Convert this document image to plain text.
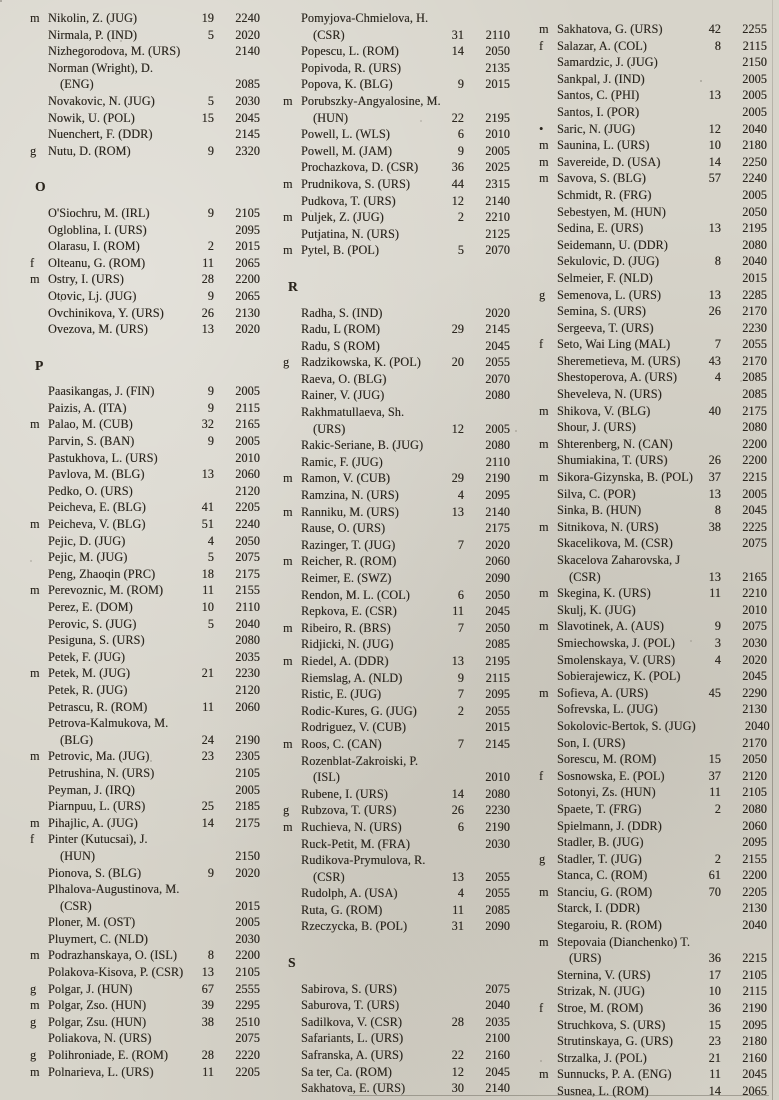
m Nikolin, Z. (JUG)	19	2240
Nirmala, P. (IND)	5	2020
Nizhegorodova, M. (URS)	2140
Norman (Wright), D.
(ENG)	2085
Novakovic, N. (JUG)	5	2030
Nowik, U. (POL)	15	2045
Nuenchert, F. (DDR)	2145
g Nutu, D. (ROM)	9	2320
O
O'Siochru, M. (IRL)	9	2105
Ogloblina, I. (URS)	2095
Olarasu, I. (ROM)	2	2015
f	Olteanu, G. (ROM)	11	2065
m Ostry, I. (URS)	28	2200
Otovic, Lj. (JUG)	9	2065
Ovchinikova, Y. (URS)	26	2130
Ovezova, M. (URS)	13	2020
P
Paasikangas, J. (FIN)	9	2005
Paizis, A. (ITA)	9	2115
m Palao, M. (CUB)	32	2165
Parvin, S. (BAN)	9	2005
Pastukhova, L. (URS)	2010
Pavlova, M. (BLG)	13	2060
Pedko, O. (URS)	2120
Peicheva, E. (BLG)	41	2205
m Peicheva, V. (BLG)	51	2240
Pejic, D. (JUG)	4	2050
Pejic, M. (JUG)	5	2075
Peng, Zhaoqin (PRC)	18	2175
m Perevoznic, M. (ROM)	11	2155
Perez, E. (DOM)	10	2110
Perovic, S. (JUG)	5	2040
Pesiguna, S. (URS)	2080
Petek, F. (JUG)	2035
m Petek, M. (JUG)	21	2230
Petek, R. (JUG)	2120
Petrascu, R. (ROM)	11	2060
Petrova-Kalmukova, M.
(BLG)	24	2190
m Petrovic, Ma. (JUG)	23	2305
Petrushina, N. (URS)	2105
Peyman, J. (IRQ)	2005
Piarnpuu, L. (URS)	25	2185
m Pihajlic, A. (JUG)	14	2175
f	Pinter (Kutucsai), J.
(HUN)	2150
Pionova, S. (BLG)	9	2020
Plhalova-Augustinova, M.
(CSR)	2015
Ploner, M. (OST)	2005
Pluymert, C. (NLD)	2030
m Podrazhanskaya, O. (ISL)	8	2200
Polakova-Kisova, P. (CSR)	13	2105
g Polgar, J. (HUN)	67	2555
m Polgar, Zso. (HUN)	39	2295
g Polgar, Zsu. (HUN)	38	2510
Poliakova, N. (URS)	2075
g Polihroniade, E. (ROM)	28	2220
m Polnarieva, L. (URS)	11	2205
Pomyjova-Chmielova, H.
(CSR)	31	2110
Popescu, L. (ROM)	14	2050
Popivoda, R. (URS)	2135
Popova, K. (BLG)	9	2015
m Porubszky-Angyalosine, M.
(HUN)	22	2195
Powell, L. (WLS)	6	2010
Powell, M. (JAM)	9	2005
Prochazkova, D. (CSR)	36	2025
m Prudnikova, S. (URS)	44	2315
Pudkova, T. (URS)	12	2140
m Puljek, Z. (JUG)	2	2210
Putjatina, N. (URS)	2125
m Pytel, B. (POL)	5	2070
R
Radha, S. (IND)	2020
Radu, L (ROM)	29	2145
Radu, S (ROM)	2045
g Radzikowska, K. (POL)	20	2055
Raeva, O. (BLG)	2070
Rainer, V. (JUG)	2080
Rakhmatullaeva, Sh.
(URS)	12	2005
Rakic-Seriane, B. (JUG)	2080
Ramic, F. (JUG)	2110
m Ramon, V. (CUB)	29	2190
Ramzina, N. (URS)	4	2095
m Ranniku, M. (URS)	13	2140
Rause, O. (URS)	2175
Razinger, T. (JUG)	7	2020
m Reicher, R. (ROM)	2060
Reimer, E. (SWZ)	2090
Rendon, M. L. (COL)	6	2050
Repkova, E. (CSR)	11	2045
m Ribeiro, R. (BRS)	7	2050
Ridjicki, N. (JUG)	2085
m Riedel, A. (DDR)	13	2195
Riemslag, A. (NLD)	9	2115
Ristic, E. (JUG)	7	2095
Rodic-Kures, G. (JUG)	2	2055
Rodriguez, V. (CUB)	2015
m Roos, C. (CAN)	7	2145
Rozenblat-Zakroiski, P.
(ISL)	2010
Rubene, I. (URS)	14	2080
g Rubzova, T. (URS)	26	2230
m Ruchieva, N. (URS)	6	2190
Ruck-Petit, M. (FRA)	2030
Rudikova-Prymulova, R.
(CSR)	13	2055
Rudolph, A. (USA)	4	2055
Ruta, G. (ROM)	11	2085
Rzeczycka, B. (POL)	31	2090
S
Sabirova, S. (URS)	2075
Saburova, T. (URS)	2040
Sadilkova, V. (CSR)	28	2035
Safariants, L. (URS)	2100
Safranska, A. (URS)	22	2160
Sa ter, Ca. (ROM)	12	2045
Sakhatova, E. (URS)	30	2140
m Sakhatova, G. (URS)	42	2255
f	Salazar, A. (COL)	8	2115
Samardzic, J. (JUG)	2150
Sankpal, J. (IND)	2005
Santos, C. (PHI)	13	2005
Santos, I. (POR)	2005
•	Saric, N. (JUG)	12	2040
m Saunina, L. (URS)	10	2180
m Savereide, D. (USA)	14	2250
m Savova, S. (BLG)	57	2240
Schmidt, R. (FRG)	2005
Sebestyen, M. (HUN)	2050
Sedina, E. (URS)	13	2195
Seidemann, U. (DDR)	2080
Sekulovic, D. (JUG)	8	2040
Selmeier, F. (NLD)	2015
g Semenova, L. (URS)	13	2285
Semina, S. (URS)	26	2170
Sergeeva, T. (URS)	2230
f	Seto, Wai Ling (MAL)	7	2055
Sheremetieva, M. (URS)	43	2170
Shestoperova, A. (URS)	4	2085
Sheveleva, N. (URS)	2085
m Shikova, V. (BLG)	40	2175
Shour, J. (URS)	2080
m Shterenberg, N. (CAN)	2200
Shumiakina, T. (URS)	26	2200
m Sikora-Gizynska, B. (POL)	37	2215
Silva, C. (POR)	13	2005
Sinka, B. (HUN)	8	2045
m Sitnikova, N. (URS)	38	2225
Skacelikova, M. (CSR)	2075
Skacelova Zaharovska, J
(CSR)	13	2165
m Skegina, K. (URS)	11	2210
Skulj, K. (JUG)	2010
m Slavotinek, A. (AUS)	9	2075
Smiechowska, J. (POL)	3	2030
Smolenskaya, V. (URS)	4	2020
Sobierajewicz, K. (POL)	2045
m Sofieva, A. (URS)	45	2290
Sofrevska, L. (JUG)	2130
Sokolovic-Bertok, S. (JUG)	2040
Son, I. (URS)	2170
Sorescu, M. (ROM)	15	2050
f	Sosnowska, E. (POL)	37	2120
Sotonyi, Zs. (HUN)	11	2105
Spaete, T. (FRG)	2	2080
Spielmann, J. (DDR)	2060
Stadler, B. (JUG)	2095
g Stadler, T. (JUG)	2	2155
Stanca, C. (ROM)	61	2200
m Stanciu, G. (ROM)	70	2205
Starck, I. (DDR)	2130
Stegaroiu, R. (ROM)	2040
m Stepovaia (Dianchenko) T.
(URS)	36	2215
Sternina, V. (URS)	17	2105
Strizak, N. (JUG)	10	2115
f	Stroe, M. (ROM)	36	2190
Struchkova, S. (URS)	15	2095
Strutinskaya, G. (URS)	23	2180
Strzalka, J. (POL)	21	2160
m Sunnucks, P. A. (ENG)	11	2045
Susnea, L. (ROM)	14	2065
